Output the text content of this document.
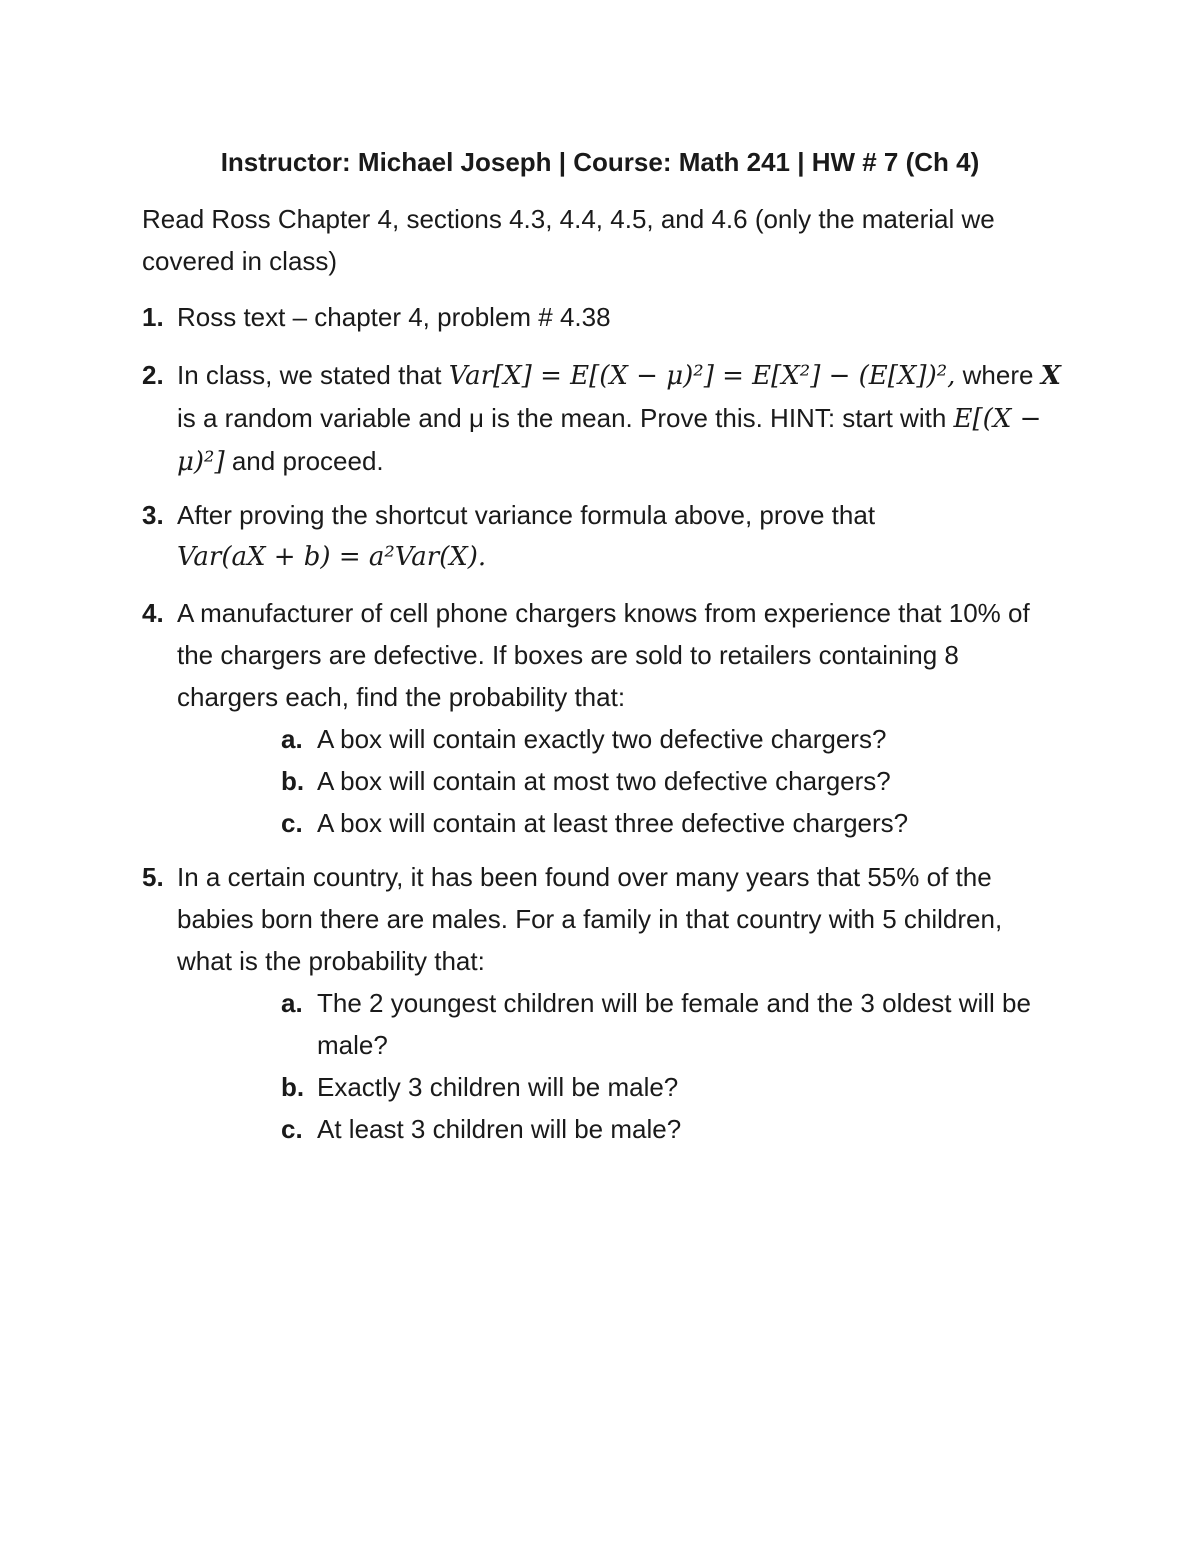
Instructor: Michael Joseph | Course: Math 241 | HW # 7 (Ch 4)
Read Ross Chapter 4, sections 4.3, 4.4, 4.5, and 4.6 (only the material we covered in class)
1. Ross text – chapter 4, problem # 4.38
2. In class, we stated that Var[X] = E[(X − μ)²] = E[X²] − (E[X])², where X is a random variable and μ is the mean. Prove this. HINT: start with E[(X − μ)²] and proceed.
3. After proving the shortcut variance formula above, prove that
Var(aX + b) = a²Var(X).
4. A manufacturer of cell phone chargers knows from experience that 10% of the chargers are defective. If boxes are sold to retailers containing 8 chargers each, find the probability that:
a. A box will contain exactly two defective chargers?
b. A box will contain at most two defective chargers?
c. A box will contain at least three defective chargers?
5. In a certain country, it has been found over many years that 55% of the babies born there are males. For a family in that country with 5 children, what is the probability that:
a. The 2 youngest children will be female and the 3 oldest will be male?
b. Exactly 3 children will be male?
c. At least 3 children will be male?
